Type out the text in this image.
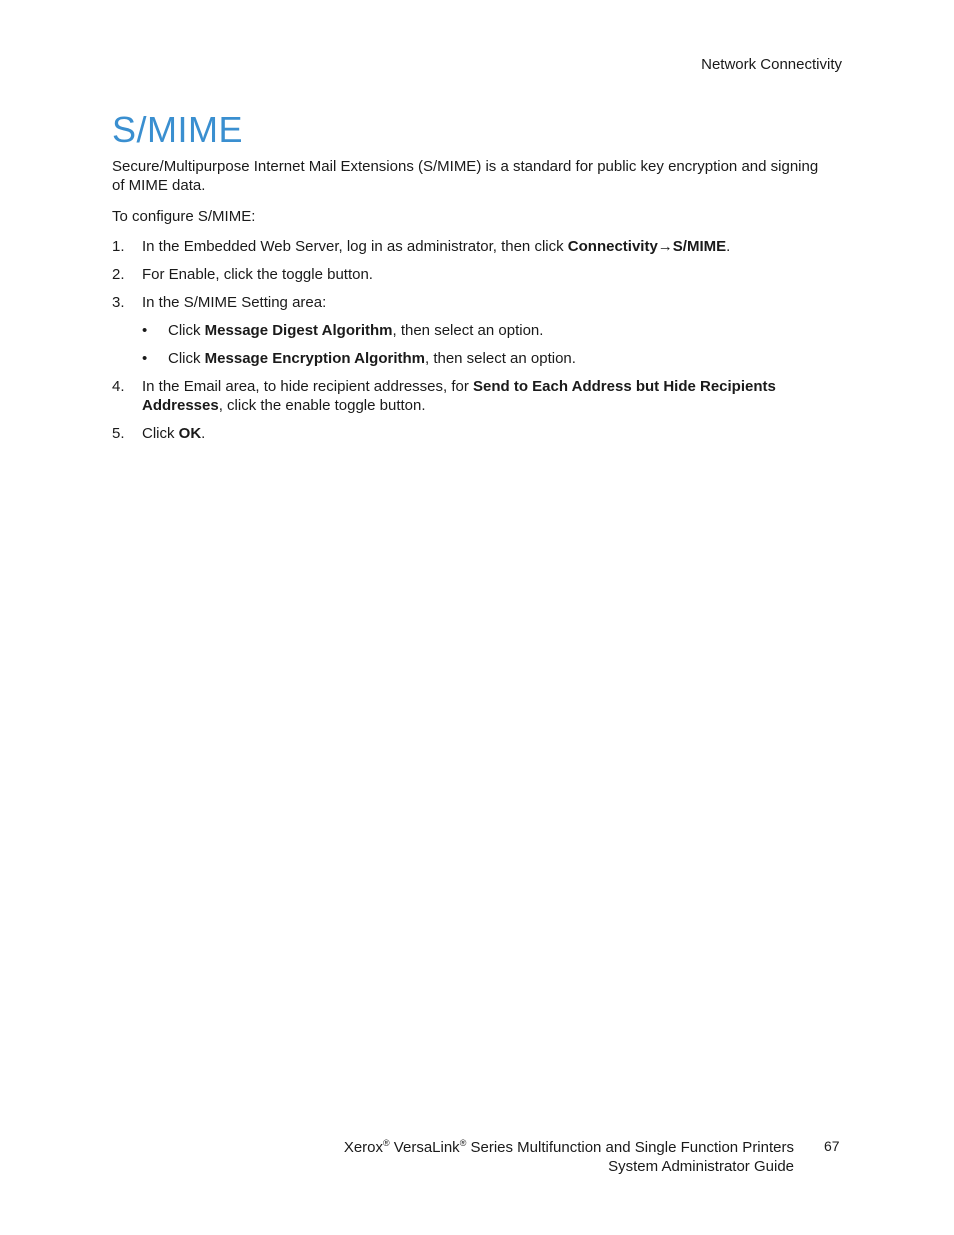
Network Connectivity
S/MIME

Secure/Multipurpose Internet Mail Extensions (S/MIME) is a standard for public key encryption and signing of MIME data.

To configure S/MIME:

1. In the Embedded Web Server, log in as administrator, then click Connectivity→S/MIME.
2. For Enable, click the toggle button.
3. In the S/MIME Setting area:
• Click Message Digest Algorithm, then select an option.
• Click Message Encryption Algorithm, then select an option.
4. In the Email area, to hide recipient addresses, for Send to Each Address but Hide Recipients Addresses, click the enable toggle button.
5. Click OK.
Xerox® VersaLink® Series Multifunction and Single Function Printers
System Administrator Guide
67
